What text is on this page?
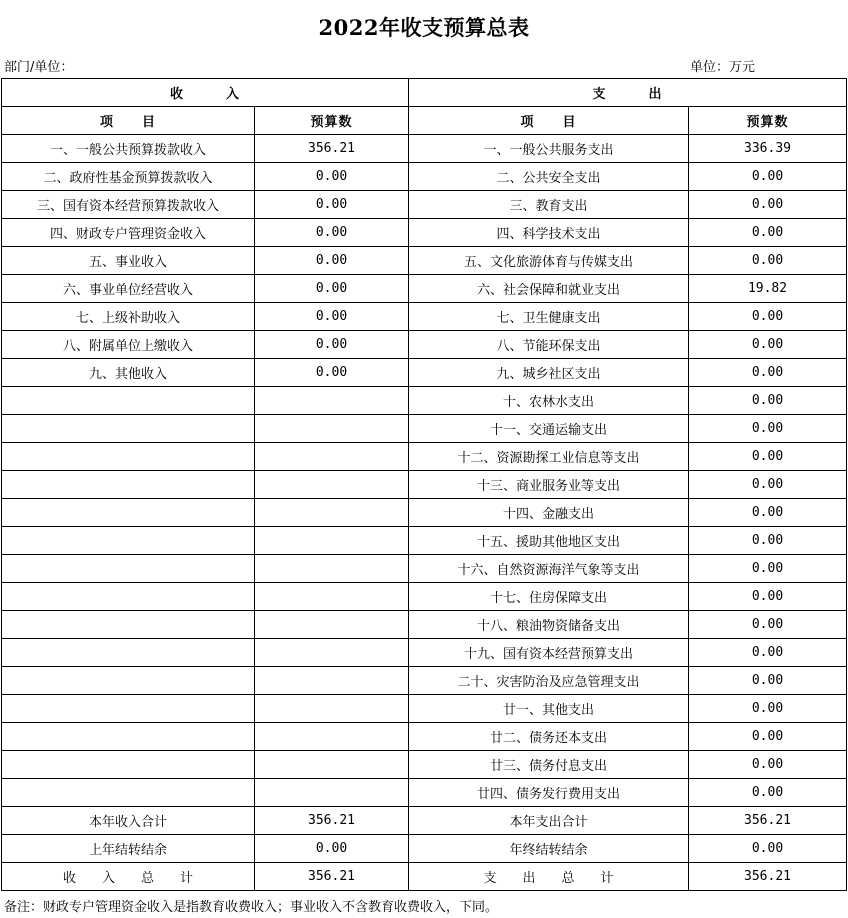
2022年收支预算总表
部门/单位：	单位：万元
收　　　入		支　　　出	
项　　目	预算数	项　　目	预算数
一、一般公共预算拨款收入	356.21	一、一般公共服务支出	336.39
二、政府性基金预算拨款收入	0.00	二、公共安全支出	0.00
三、国有资本经营预算拨款收入	0.00	三、教育支出	0.00
四、财政专户管理资金收入	0.00	四、科学技术支出	0.00
五、事业收入	0.00	五、文化旅游体育与传媒支出	0.00
六、事业单位经营收入	0.00	六、社会保障和就业支出	19.82
七、上级补助收入	0.00	七、卫生健康支出	0.00
八、附属单位上缴收入	0.00	八、节能环保支出	0.00
九、其他收入	0.00	九、城乡社区支出	0.00
		十、农林水支出	0.00
		十一、交通运输支出	0.00
		十二、资源勘探工业信息等支出	0.00
		十三、商业服务业等支出	0.00
		十四、金融支出	0.00
		十五、援助其他地区支出	0.00
		十六、自然资源海洋气象等支出	0.00
		十七、住房保障支出	0.00
		十八、粮油物资储备支出	0.00
		十九、国有资本经营预算支出	0.00
		二十、灾害防治及应急管理支出	0.00
		廿一、其他支出	0.00
		廿二、债务还本支出	0.00
		廿三、债务付息支出	0.00
		廿四、债务发行费用支出	0.00
本年收入合计	356.21	本年支出合计	356.21
上年结转结余	0.00	年终结转结余	0.00
收　　入　　总　　计	356.21	支　　出　　总　　计	356.21
备注：财政专户管理资金收入是指教育收费收入；事业收入不含教育收费收入，下同。
